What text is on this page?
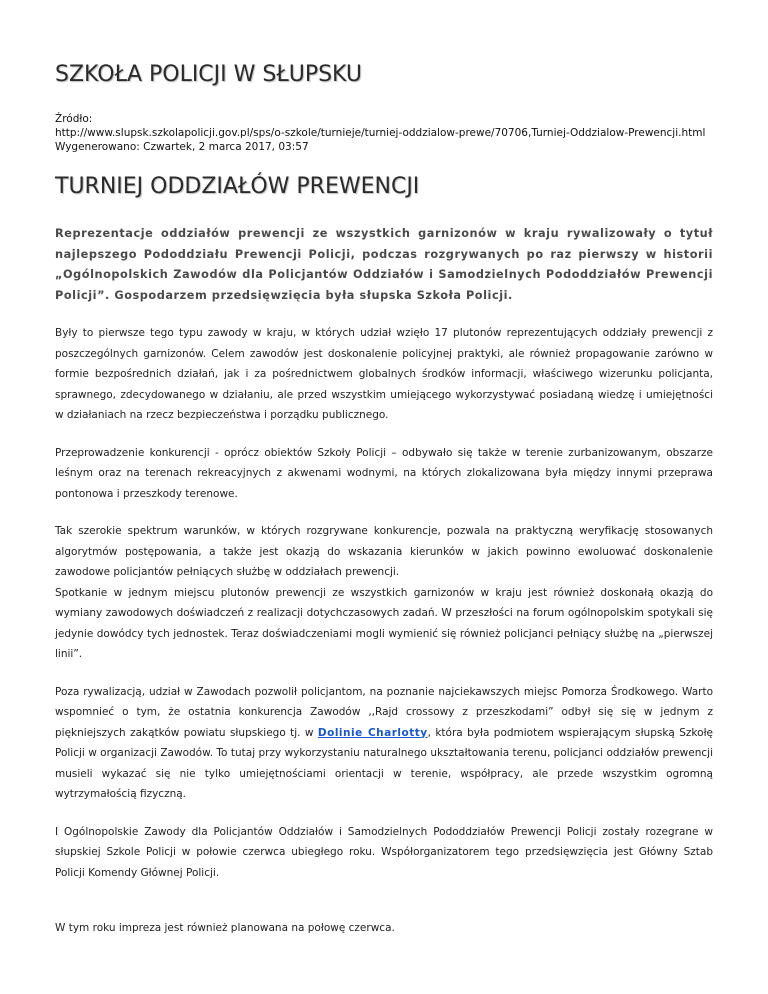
SZKOŁA POLICJI W SŁUPSKU
Źródło:
http://www.slupsk.szkolapolicji.gov.pl/sps/o-szkole/turnieje/turniej-oddzialow-prewe/70706,Turniej-Oddzialow-Prewencji.html
Wygenerowano: Czwartek, 2 marca 2017, 03:57
TURNIEJ ODDZIAŁÓW PREWENCJI

Reprezentacje oddziałów prewencji ze wszystkich garnizonów w kraju rywalizowały o tytuł najlepszego Pododdziału Prewencji Policji, podczas rozgrywanych po raz pierwszy w historii „Ogólnopolskich Zawodów dla Policjantów Oddziałów i Samodzielnych Pododdziałów Prewencji Policji”. Gospodarzem przedsięwzięcia była słupska Szkoła Policji.

Były to pierwsze tego typu zawody w kraju, w których udział wzięło 17 plutonów reprezentujących oddziały prewencji z poszczególnych garnizonów. Celem zawodów jest doskonalenie policyjnej praktyki, ale również propagowanie zarówno w formie bezpośrednich działań, jak i za pośrednictwem globalnych środków informacji, właściwego wizerunku policjanta, sprawnego, zdecydowanego w działaniu, ale przed wszystkim umiejącego wykorzystywać posiadaną wiedzę i umiejętności w działaniach na rzecz bezpieczeństwa i porządku publicznego.

Przeprowadzenie konkurencji - oprócz obiektów Szkoły Policji – odbywało się także w terenie zurbanizowanym, obszarze leśnym oraz na terenach rekreacyjnych z akwenami wodnymi, na których zlokalizowana była między innymi przeprawa pontonowa i przeszkody terenowe.

Tak szerokie spektrum warunków, w których rozgrywane konkurencje, pozwala na praktyczną weryfikację stosowanych algorytmów postępowania, a także jest okazją do wskazania kierunków w jakich powinno ewoluować doskonalenie zawodowe policjantów pełniących służbę w oddziałach prewencji.

Spotkanie w jednym miejscu plutonów prewencji ze wszystkich garnizonów w kraju jest również doskonałą okazją do wymiany zawodowych doświadczeń z realizacji dotychczasowych zadań. W przeszłości na forum ogólnopolskim spotykali się jedynie dowódcy tych jednostek. Teraz doświadczeniami mogli wymienić się również policjanci pełniący służbę na „pierwszej linii”.

Poza rywalizacją, udział w Zawodach pozwolił policjantom, na poznanie najciekawszych miejsc Pomorza Środkowego. Warto wspomnieć o tym, że ostatnia konkurencja Zawodów ,,Rajd crossowy z przeszkodami” odbył się się w jednym z piękniejszych zakątków powiatu słupskiego tj. w Dolinie Charlotty, która była podmiotem wspierającym słupską Szkołę Policji w organizacji Zawodów. To tutaj przy wykorzystaniu naturalnego ukształtowania terenu, policjanci oddziałów prewencji musieli wykazać się nie tylko umiejętnościami orientacji w terenie, współpracy, ale przede wszystkim ogromną wytrzymałością fizyczną.

I Ogólnopolskie Zawody dla Policjantów Oddziałów i Samodzielnych Pododdziałów Prewencji Policji zostały rozegrane w słupskiej Szkole Policji w połowie czerwca ubiegłego roku. Współorganizatorem tego przedsięwzięcia jest Główny Sztab Policji Komendy Głównej Policji.

W tym roku impreza jest również planowana na połowę czerwca.
